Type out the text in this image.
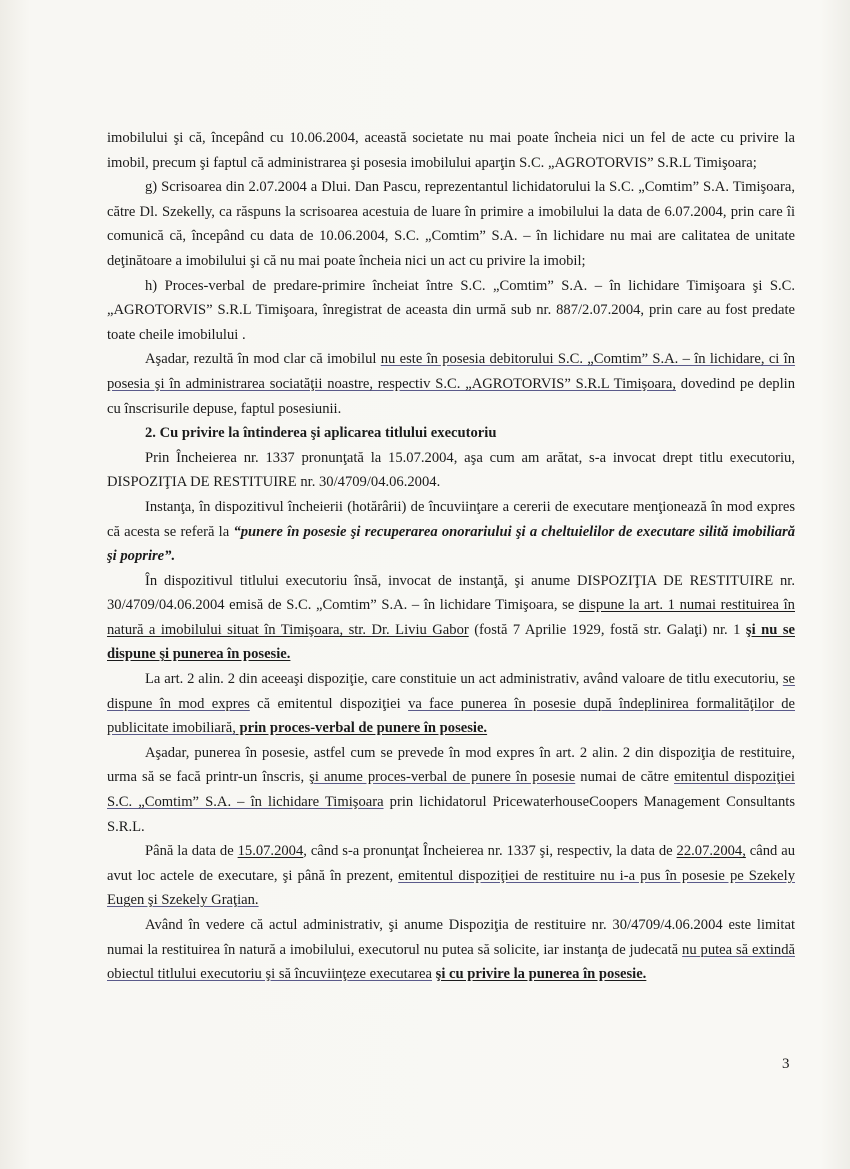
imobilului şi că, începând cu 10.06.2004, această societate nu mai poate încheia nici un fel de acte cu privire la imobil, precum şi faptul că administrarea şi posesia imobilului aparţin S.C. „AGROTORVIS” S.R.L Timişoara;

g) Scrisoarea din 2.07.2004 a Dlui. Dan Pascu, reprezentantul lichidatorului la S.C. „Comtim” S.A. Timişoara, către Dl. Szekelly, ca răspuns la scrisoarea acestuia de luare în primire a imobilului la data de 6.07.2004, prin care îi comunică că, începând cu data de 10.06.2004, S.C. „Comtim” S.A. – în lichidare nu mai are calitatea de unitate deţinătoare a imobilului şi că nu mai poate încheia nici un act cu privire la imobil;

h) Proces-verbal de predare-primire încheiat între S.C. „Comtim” S.A. – în lichidare Timişoara şi S.C. „AGROTORVIS” S.R.L Timişoara, înregistrat de aceasta din urmă sub nr. 887/2.07.2004, prin care au fost predate toate cheile imobilului .

Aşadar, rezultă în mod clar că imobilul nu este în posesia debitorului S.C. „Comtim” S.A. – în lichidare, ci în posesia şi în administrarea sociatăţii noastre, respectiv S.C. „AGROTORVIS” S.R.L Timişoara, dovedind pe deplin cu înscrisurile depuse, faptul posesiunii.

2. Cu privire la întinderea şi aplicarea titlului executoriu

Prin Încheierea nr. 1337 pronunţată la 15.07.2004, aşa cum am arătat, s-a invocat drept titlu executoriu, DISPOZIŢIA DE RESTITUIRE nr. 30/4709/04.06.2004.

Instanţa, în dispozitivul încheierii (hotărârii) de încuviinţare a cererii de executare menţionează în mod expres că acesta se referă la “punere în posesie şi recuperarea onorariului şi a cheltuielilor de executare silită imobiliară şi poprire”.

În dispozitivul titlului executoriu însă, invocat de instanţă, şi anume DISPOZIŢIA DE RESTITUIRE nr. 30/4709/04.06.2004 emisă de S.C. „Comtim” S.A. – în lichidare Timişoara, se dispune la art. 1 numai restituirea în natură a imobilului situat în Timişoara, str. Dr. Liviu Gabor (fostă 7 Aprilie 1929, fostă str. Galaţi) nr. 1 şi nu se dispune şi punerea în posesie.

La art. 2 alin. 2 din aceeaşi dispoziţie, care constituie un act administrativ, având valoare de titlu executoriu, se dispune în mod expres că emitentul dispoziţiei va face punerea în posesie după îndeplinirea formalităţilor de publicitate imobiliară, prin proces-verbal de punere în posesie.

Aşadar, punerea în posesie, astfel cum se prevede în mod expres în art. 2 alin. 2 din dispoziţia de restituire, urma să se facă printr-un înscris, şi anume proces-verbal de punere în posesie numai de către emitentul dispoziţiei S.C. „Comtim” S.A. – în lichidare Timişoara prin lichidatorul PricewaterhouseCoopers Management Consultants S.R.L.

Până la data de 15.07.2004, când s-a pronunţat Încheierea nr. 1337 şi, respectiv, la data de 22.07.2004, când au avut loc actele de executare, şi până în prezent, emitentul dispoziţiei de restituire nu i-a pus în posesie pe Szekely Eugen şi Szekely Graţian.

Având în vedere că actul administrativ, şi anume Dispoziţia de restituire nr. 30/4709/4.06.2004 este limitat numai la restituirea în natură a imobilului, executorul nu putea să solicite, iar instanţa de judecată nu putea să extindă obiectul titlului executoriu şi să încuviinţeze executarea şi cu privire la punerea în posesie.

3
